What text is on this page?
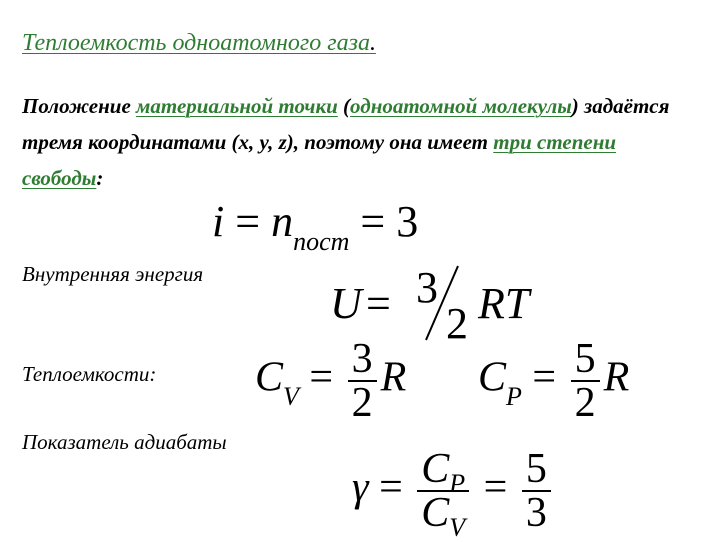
Теплоемкость одноатомного газа.

Положение материальной точки (одноатомной молекулы) задаётся тремя координатами (x, y, z), поэтому она имеет три степени свободы:

$i = n_{пост} = 3$

Внутренняя энергия

U = 3
2 RT

Теплоемкости: $C_V = \frac{3}{2}$ R $C_P = \frac{5}{2}$ R

Показатель адиабаты

$\gamma = \frac{C_P}{C_V} = \frac{5}{3}$
